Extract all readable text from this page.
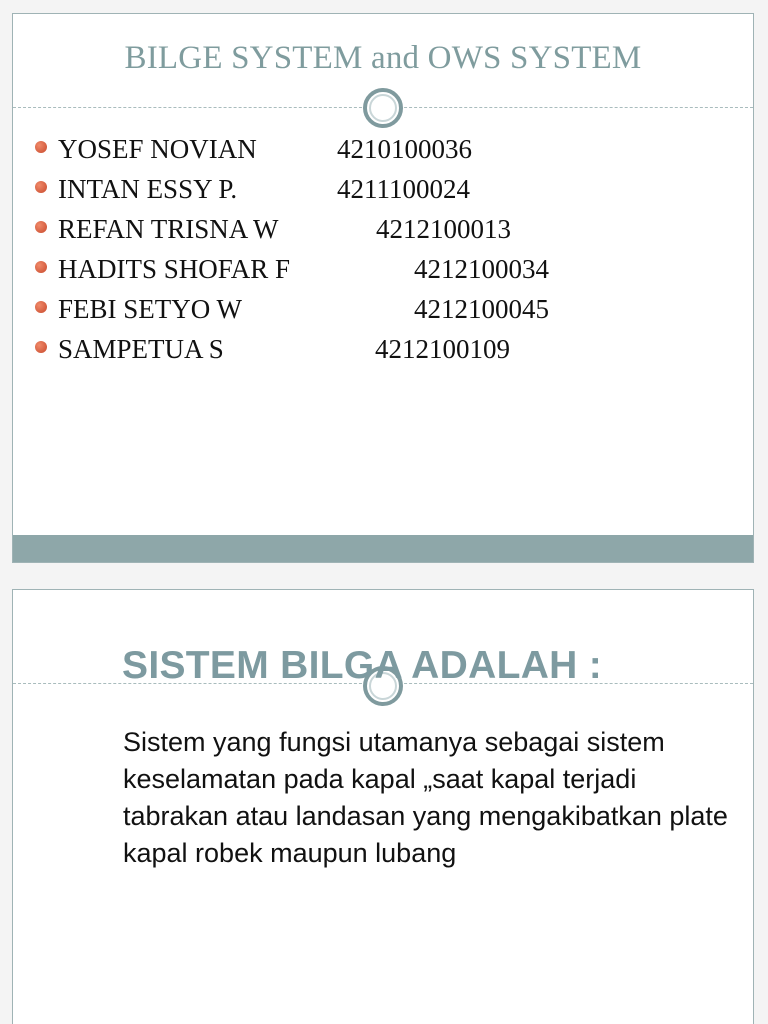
BILGE SYSTEM and OWS SYSTEM
YOSEF NOVIAN	4210100036
INTAN ESSY P.	4211100024
REFAN TRISNA W	4212100013
HADITS SHOFAR F	4212100034
FEBI SETYO W	4212100045
SAMPETUA S	4212100109
SISTEM BILGA ADALAH :
Sistem yang fungsi utamanya sebagai sistem keselamatan pada kapal „saat kapal terjadi tabrakan atau landasan yang mengakibatkan plate kapal robek maupun lubang
